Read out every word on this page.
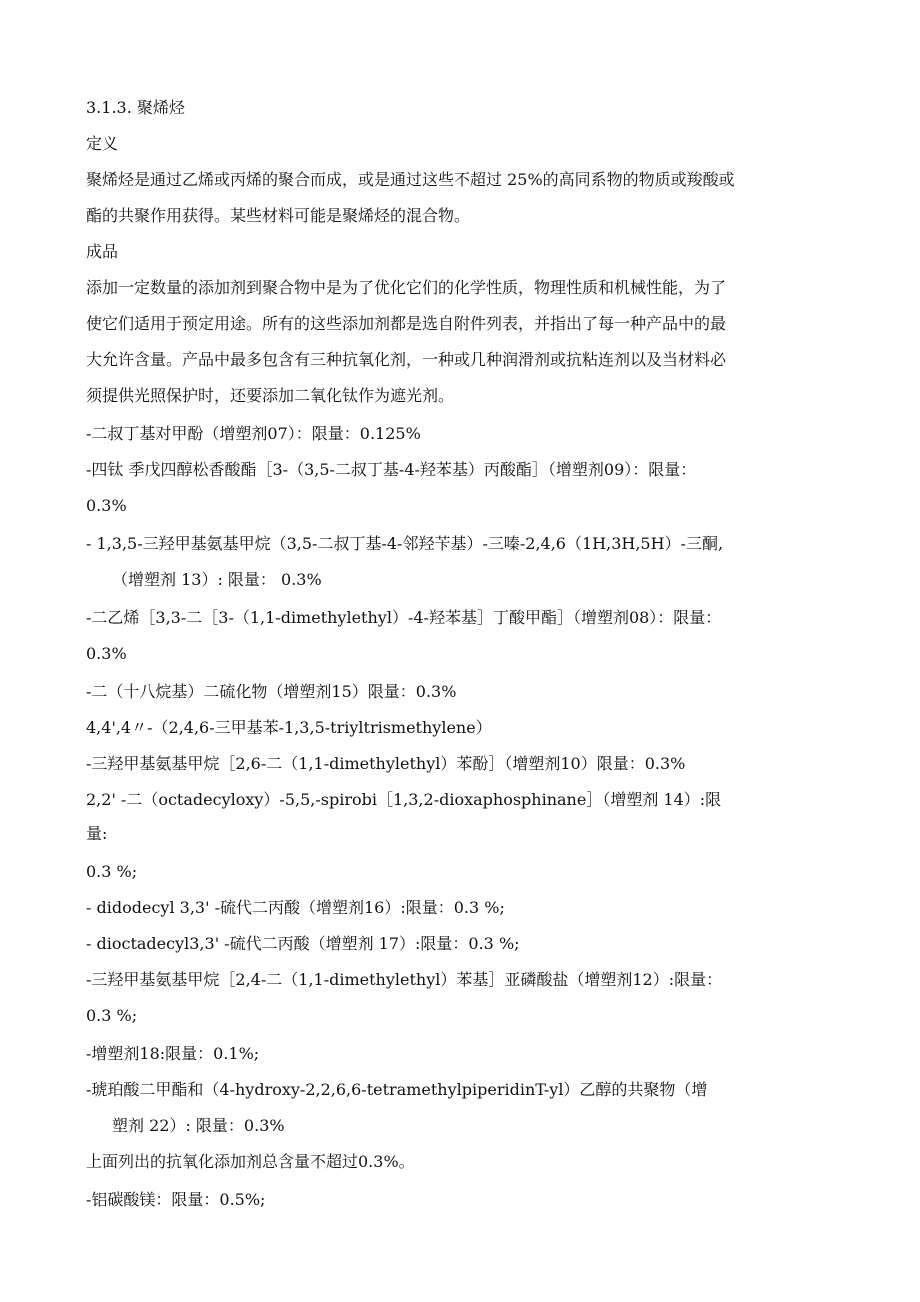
3.1.3. 聚烯烃
定义
聚烯烃是通过乙烯或丙烯的聚合而成，或是通过这些不超过 25%的高同系物的物质或羧酸或
酯的共聚作用获得。某些材料可能是聚烯烃的混合物。
成品
添加一定数量的添加剂到聚合物中是为了优化它们的化学性质，物理性质和机械性能，为了
使它们适用于预定用途。所有的这些添加剂都是选自附件列表，并指出了每一种产品中的最
大允许含量。产品中最多包含有三种抗氧化剂，一种或几种润滑剂或抗粘连剂以及当材料必
须提供光照保护时，还要添加二氧化钛作为遮光剂。
-二叔丁基对甲酚（增塑剂07）：限量：0.125%
-四钛 季戊四醇松香酸酯［3-（3,5-二叔丁基-4-羟苯基）丙酸酯］（增塑剂09）：限量：
0.3%
- 1,3,5-三羟甲基氨基甲烷（3,5-二叔丁基-4-邻羟苄基）-三嗪-2,4,6（1H,3H,5H）-三酮,
（增塑剂 13）: 限量： 0.3%
-二乙烯［3,3-二［3-（1,1-dimethylethyl）-4-羟苯基］丁酸甲酯］（增塑剂08）：限量：
0.3%
-二（十八烷基）二硫化物（增塑剂15）限量：0.3%
4,4',4〃-（2,4,6-三甲基苯-1,3,5-triyltrismethylene）
-三羟甲基氨基甲烷［2,6-二（1,1-dimethylethyl）苯酚］（增塑剂10）限量：0.3%
2,2' -二（octadecyloxy）-5,5,-spirobi［1,3,2-dioxaphosphinane］（增塑剂 14）:限
量:
0.3 %;
- didodecyl 3,3' -硫代二丙酸（增塑剂16）:限量：0.3 %;
- dioctadecyl3,3' -硫代二丙酸（增塑剂 17）:限量：0.3 %;
-三羟甲基氨基甲烷［2,4-二（1,1-dimethylethyl）苯基］亚磷酸盐（增塑剂12）:限量：
0.3 %;
-增塑剂18:限量：0.1%;
-琥珀酸二甲酯和（4-hydroxy-2,2,6,6-tetramethylpiperidinT-yl）乙醇的共聚物（增
塑剂 22）: 限量：0.3%
上面列出的抗氧化添加剂总含量不超过0.3%。
-铝碳酸镁：限量：0.5%;
